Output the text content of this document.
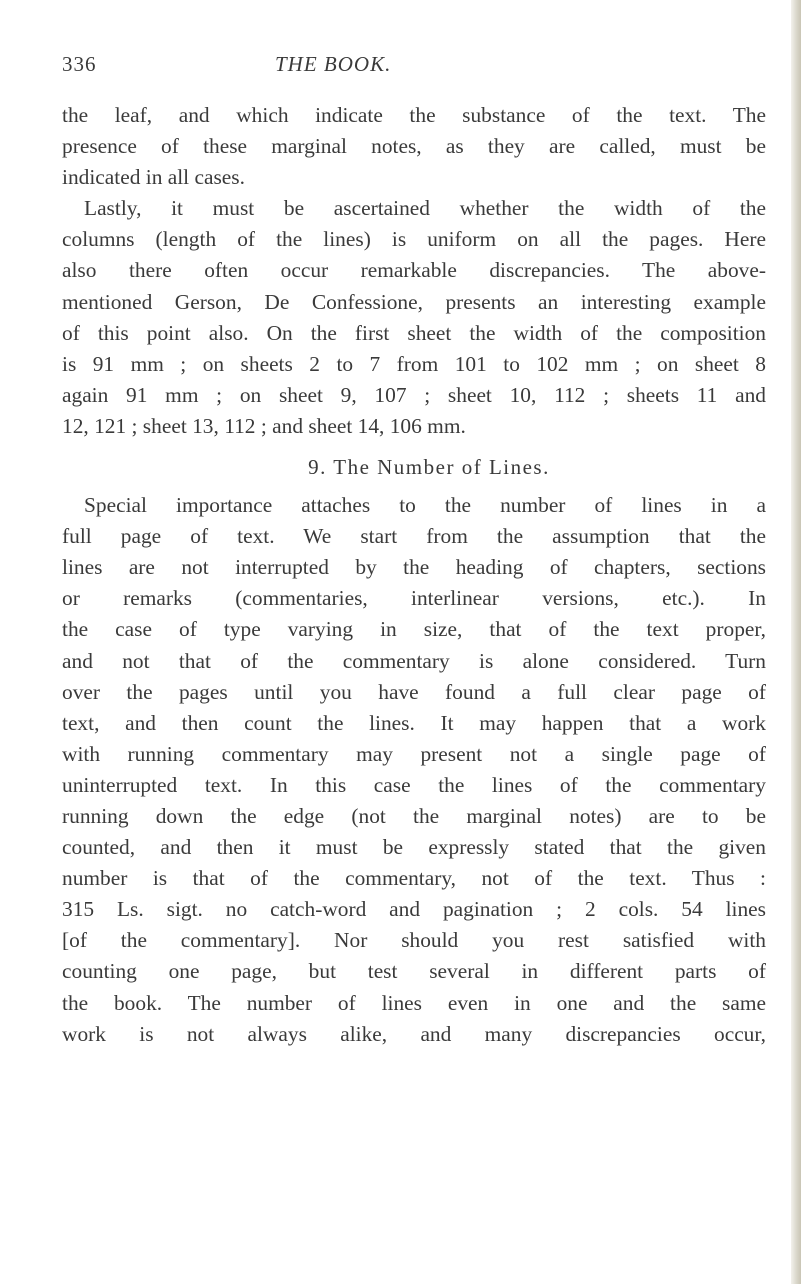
336	THE BOOK.
the leaf, and which indicate the substance of the text. The
presence of these marginal notes, as they are called, must be
indicated in all cases.
Lastly, it must be ascertained whether the width of the
columns (length of the lines) is uniform on all the pages. Here
also there often occur remarkable discrepancies. The above-
mentioned Gerson, De Confessione, presents an interesting example
of this point also. On the first sheet the width of the composition
is 91 mm ; on sheets 2 to 7 from 101 to 102 mm ; on sheet 8
again 91 mm ; on sheet 9, 107 ; sheet 10, 112 ; sheets 11 and
12, 121 ; sheet 13, 112 ; and sheet 14, 106 mm.
9. The Number of Lines.
Special importance attaches to the number of lines in a
full page of text. We start from the assumption that the
lines are not interrupted by the heading of chapters, sections
or remarks (commentaries, interlinear versions, etc.). In
the case of type varying in size, that of the text proper,
and not that of the commentary is alone considered. Turn
over the pages until you have found a full clear page of
text, and then count the lines. It may happen that a work
with running commentary may present not a single page of
uninterrupted text. In this case the lines of the commentary
running down the edge (not the marginal notes) are to be
counted, and then it must be expressly stated that the given
number is that of the commentary, not of the text. Thus :
315 Ls. sigt. no catch-word and pagination ; 2 cols. 54 lines
[of the commentary]. Nor should you rest satisfied with
counting one page, but test several in different parts of
the book. The number of lines even in one and the same
work is not always alike, and many discrepancies occur,
